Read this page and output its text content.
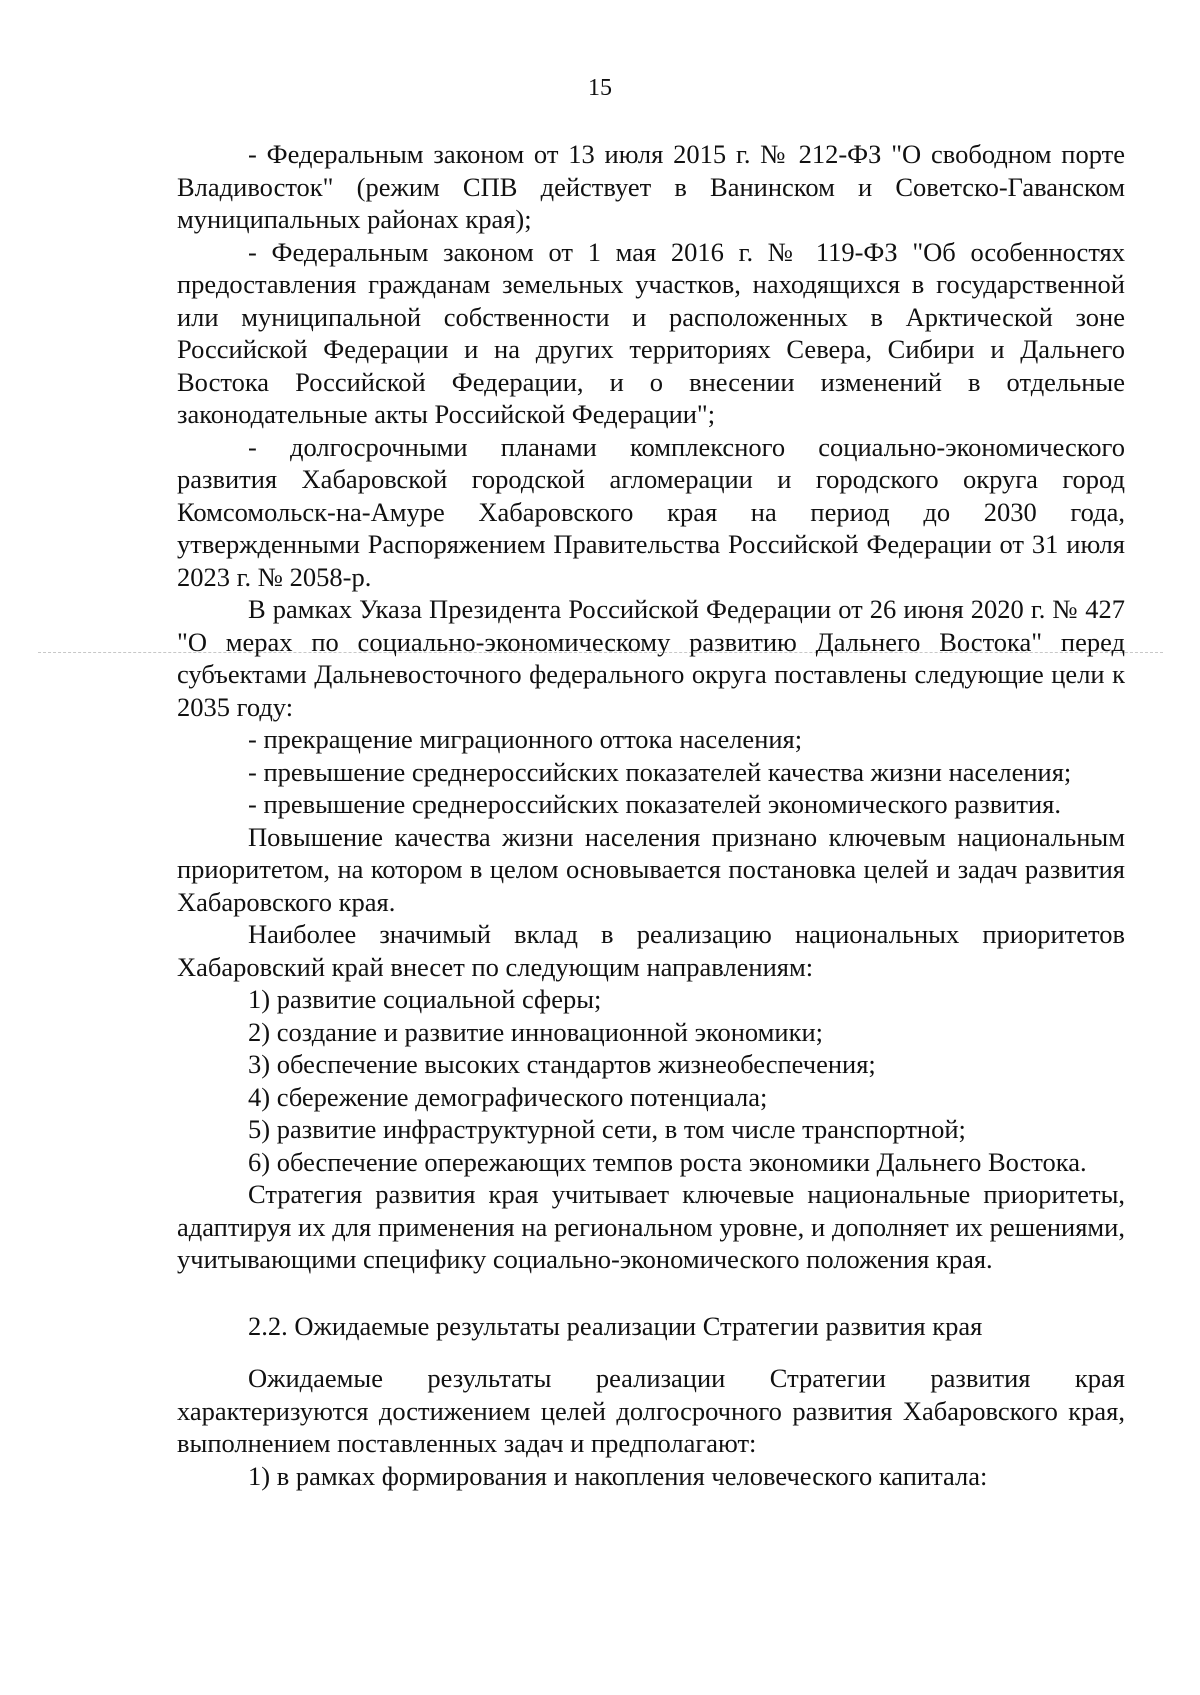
15

- Федеральным законом от 13 июля 2015 г. № 212-ФЗ "О свободном порте Владивосток" (режим СПВ действует в Ванинском и Советско-Гаванском муниципальных районах края);

- Федеральным законом от 1 мая 2016 г. № 119-ФЗ "Об особенностях предоставления гражданам земельных участков, находящихся в государственной или муниципальной собственности и расположенных в Арктической зоне Российской Федерации и на других территориях Севера, Сибири и Дальнего Востока Российской Федерации, и о внесении изменений в отдельные законодательные акты Российской Федерации";

- долгосрочными планами комплексного социально-экономического развития Хабаровской городской агломерации и городского округа город Комсомольск-на-Амуре Хабаровского края на период до 2030 года, утвержденными Распоряжением Правительства Российской Федерации от 31 июля 2023 г. № 2058-р.

В рамках Указа Президента Российской Федерации от 26 июня 2020 г. № 427 "О мерах по социально-экономическому развитию Дальнего Востока" перед субъектами Дальневосточного федерального округа поставлены следующие цели к 2035 году:

- прекращение миграционного оттока населения;

- превышение среднероссийских показателей качества жизни населения;

- превышение среднероссийских показателей экономического развития.

Повышение качества жизни населения признано ключевым национальным приоритетом, на котором в целом основывается постановка целей и задач развития Хабаровского края.

Наиболее значимый вклад в реализацию национальных приоритетов Хабаровский край внесет по следующим направлениям:

1) развитие социальной сферы;

2) создание и развитие инновационной экономики;

3) обеспечение высоких стандартов жизнеобеспечения;

4) сбережение демографического потенциала;

5) развитие инфраструктурной сети, в том числе транспортной;

6) обеспечение опережающих темпов роста экономики Дальнего Востока.

Стратегия развития края учитывает ключевые национальные приоритеты, адаптируя их для применения на региональном уровне, и дополняет их решениями, учитывающими специфику социально-экономического положения края.

2.2. Ожидаемые результаты реализации Стратегии развития края

Ожидаемые результаты реализации Стратегии развития края характеризуются достижением целей долгосрочного развития Хабаровского края, выполнением поставленных задач и предполагают:

1) в рамках формирования и накопления человеческого капитала:
